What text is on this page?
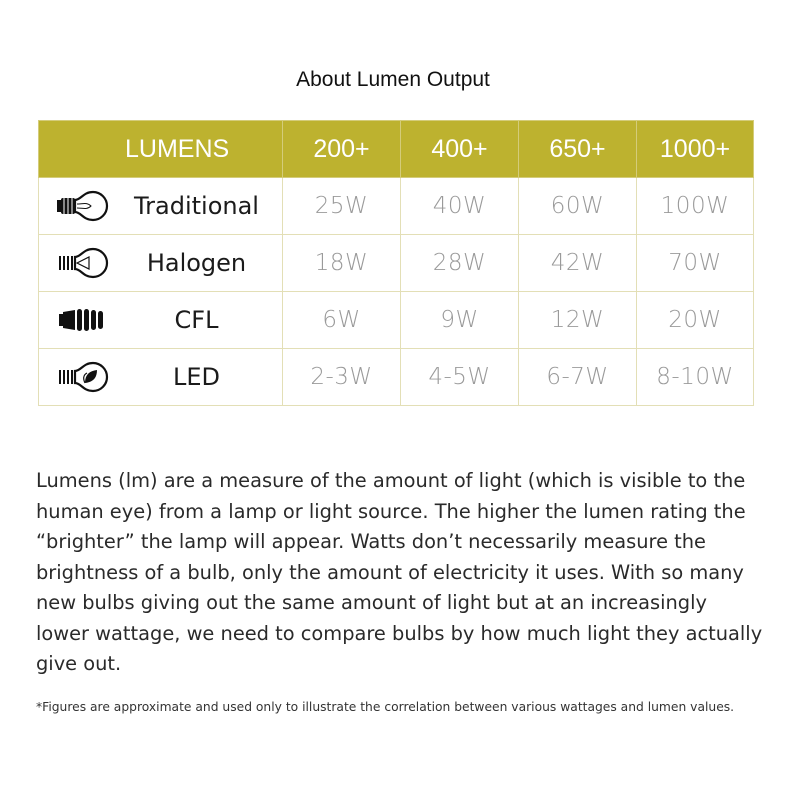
About Lumen Output
LUMENS	200+	400+	650+	1000+

Traditional	25W	40W	60W	100W

Halogen	18W	28W	42W	70W

CFL	6W	9W	12W	20W

LED	2-3W	4-5W	6-7W	8-10W
Lumens (lm) are a measure of the amount of light (which is visible to the human eye) from a lamp or light source. The higher the lumen rating the “brighter” the lamp will appear. Watts don’t necessarily measure the brightness of a bulb, only the amount of electricity it uses. With so many new bulbs giving out the same amount of light but at an increasingly lower wattage, we need to compare bulbs by how much light they actually give out.
*Figures are approximate and used only to illustrate the correlation between various wattages and lumen values.
